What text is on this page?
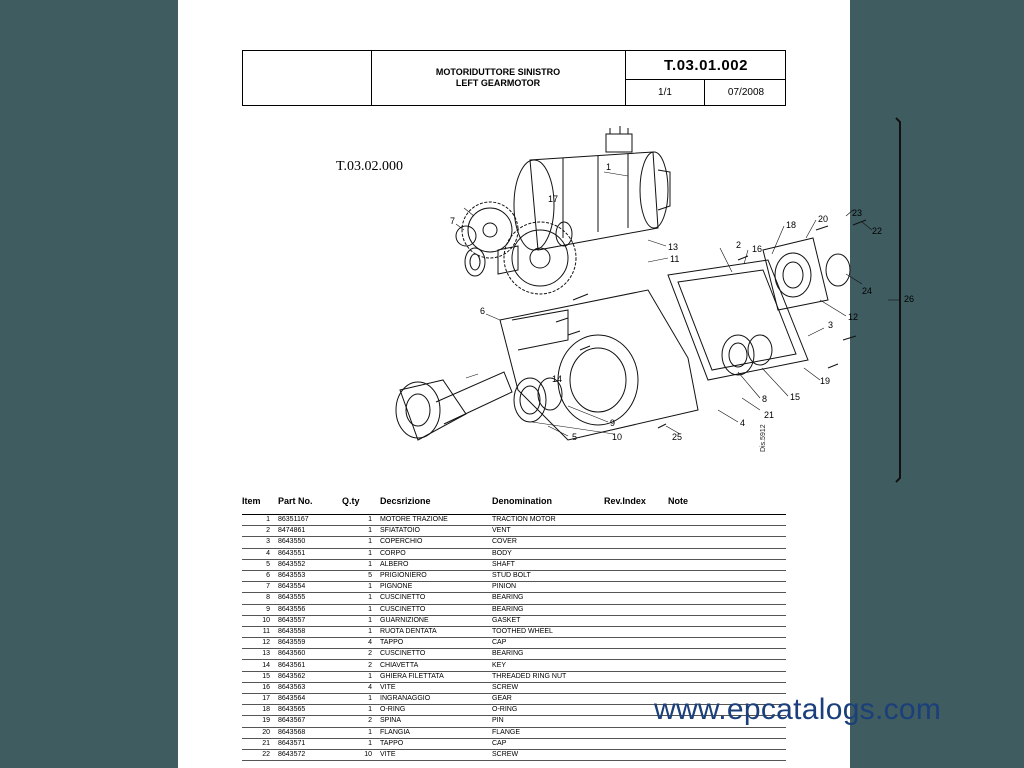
MOTORIDUTTORE SINISTRO
LEFT GEARMOTOR
T.03.01.002
1/1	07/2008
T.03.02.000	1
2
3
4
5
6
7
8
9
10
11
12
13
14
15
16
17
18
19
20
21
22
23
24
25
26
Dis.5912
Item	Part No.	Q.ty	Decsrizione	Denomination	Rev.Index	Note
1	86351167	1	MOTORE TRAZIONE	TRACTION MOTOR		
2	8474861	1	SFIATATOIO	VENT		
3	8643550	1	COPERCHIO	COVER		
4	8643551	1	CORPO	BODY		
5	8643552	1	ALBERO	SHAFT		
6	8643553	5	PRIGIONIERO	STUD BOLT		
7	8643554	1	PIGNONE	PINION		
8	8643555	1	CUSCINETTO	BEARING		
9	8643556	1	CUSCINETTO	BEARING		
10	8643557	1	GUARNIZIONE	GASKET		
11	8643558	1	RUOTA DENTATA	TOOTHED WHEEL		
12	8643559	4	TAPPO	CAP		
13	8643560	2	CUSCINETTO	BEARING		
14	8643561	2	CHIAVETTA	KEY		
15	8643562	1	GHIERA FILETTATA	THREADED RING NUT		
16	8643563	4	VITE	SCREW		
17	8643564	1	INGRANAGGIO	GEAR		
18	8643565	1	O-RING	O-RING		
19	8643567	2	SPINA	PIN		
20	8643568	1	FLANGIA	FLANGE		
21	8643571	1	TAPPO	CAP		
22	8643572	10	VITE	SCREW		
www.epcatalogs.com
